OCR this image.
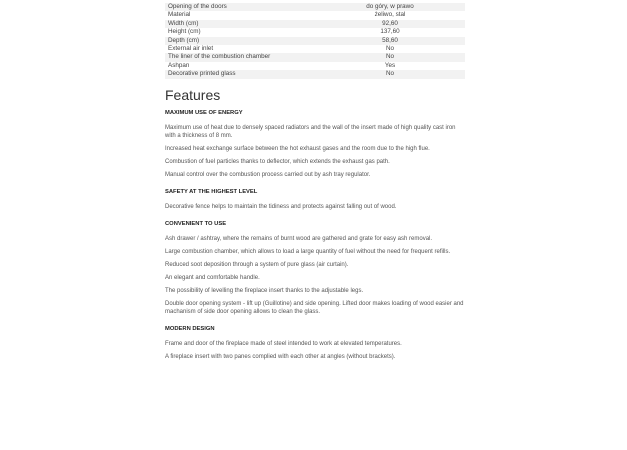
Opening of the doors	do góry, w prawo
Material	żeliwo, stal
Width (cm)	92,60
Height (cm)	137,60
Depth (cm)	58,60
External air inlet	No
The liner of the combustion chamber	No
Ashpan	Yes
Decorative printed glass	No
Features
MAXIMUM USE OF ENERGY

Maximum use of heat due to densely spaced radiators and the wall of the insert made of high quality cast iron with a thickness of 8 mm.

Increased heat exchange surface between the hot exhaust gases and the room due to the high flue.

Combustion of fuel particles thanks to deflector, which extends the exhaust gas path.

Manual control over the combustion process carried out by ash tray regulator.

SAFETY AT THE HIGHEST LEVEL

Decorative fence helps to maintain the tidiness and protects against falling out of wood.

CONVENIENT TO USE

Ash drawer / ashtray, where the remains of burnt wood are gathered and grate for easy ash removal.

Large combustion chamber, which allows to load a large quantity of fuel without the need for frequent refills.

Reduced soot deposition through a system of pure glass (air curtain).

An elegant and comfortable handle.

The possibility of levelling the fireplace insert thanks to the adjustable legs.

Double door opening system - lift up (Guillotine) and side opening. Lifted door makes loading of wood easier and machanism of side door opening allows to clean the glass.

MODERN DESIGN

Frame and door of the fireplace made of steel intended to work at elevated temperatures.

A fireplace insert with two panes complied with each other at angles (without brackets).
